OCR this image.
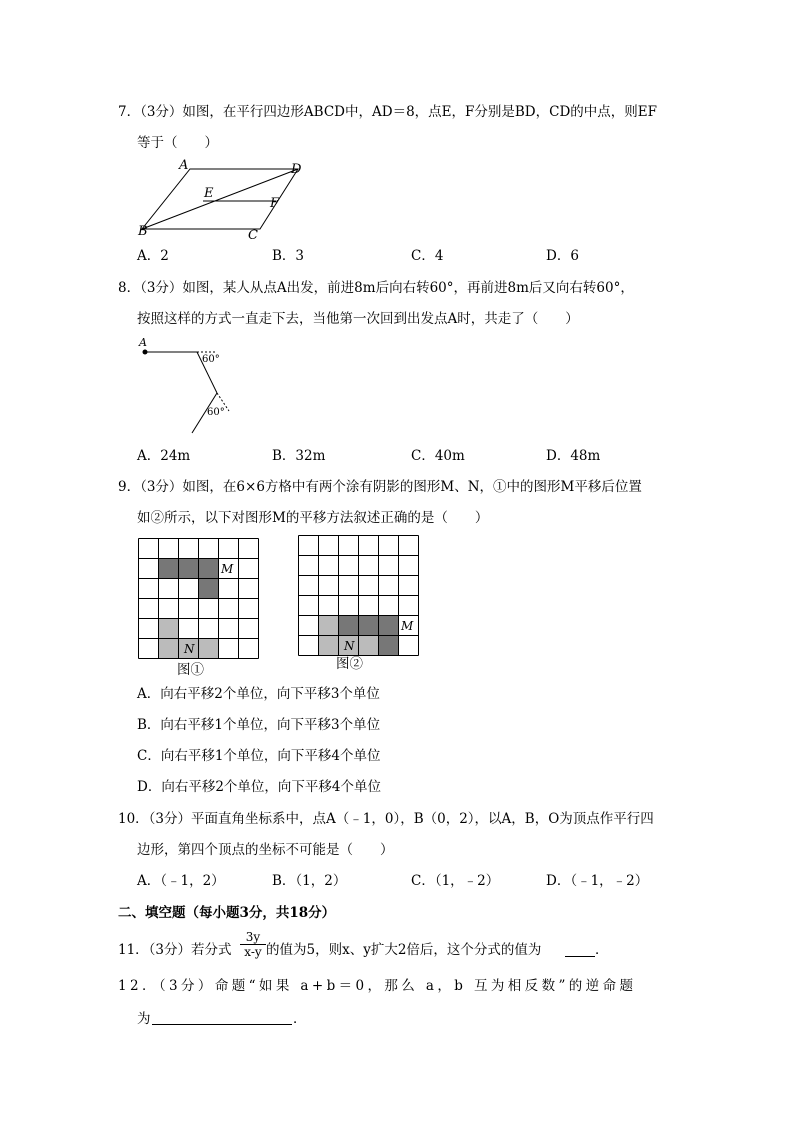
7．（3分）如图，在平行四边形ABCD中，AD＝8，点E，F分别是BD，CD的中点，则EF
等于（　　）
A	D
E
F
B	C
A．2	B．3	C．4	D．6
8．（3分）如图，某人从点A出发，前进8m后向右转60°，再前进8m后又向右转60°，
按照这样的方式一直走下去，当他第一次回到出发点A时，共走了（　　）
A
60°
60°
A．24m	B．32m	C．40m	D．48m
9．（3分）如图，在6×6方格中有两个涂有阴影的图形M、N，①中的图形M平移后位置
如②所示，以下对图形M的平移方法叙述正确的是（　　）
M
N
图①
M
N
图②
A．向右平移2个单位，向下平移3个单位
B．向右平移1个单位，向下平移3个单位
C．向右平移1个单位，向下平移4个单位
D．向右平移2个单位，向下平移4个单位
10．（3分）平面直角坐标系中，点A（﹣1，0），B（0，2），以A，B，O为顶点作平行四
边形，第四个顶点的坐标不可能是（　　）
A．（﹣1，2）	B．（1，2）	C．（1，﹣2）	D．（﹣1，﹣2）
二、填空题（每小题3分，共18分）
11．（3分）若分式 $\frac{3y}{x-y}$ 的值为5，则x、y扩大2倍后，这个分式的值为	．
12．（3分）命题“如果 a+b＝0，那么 a，b 互为相反数”的逆命题
为	．
